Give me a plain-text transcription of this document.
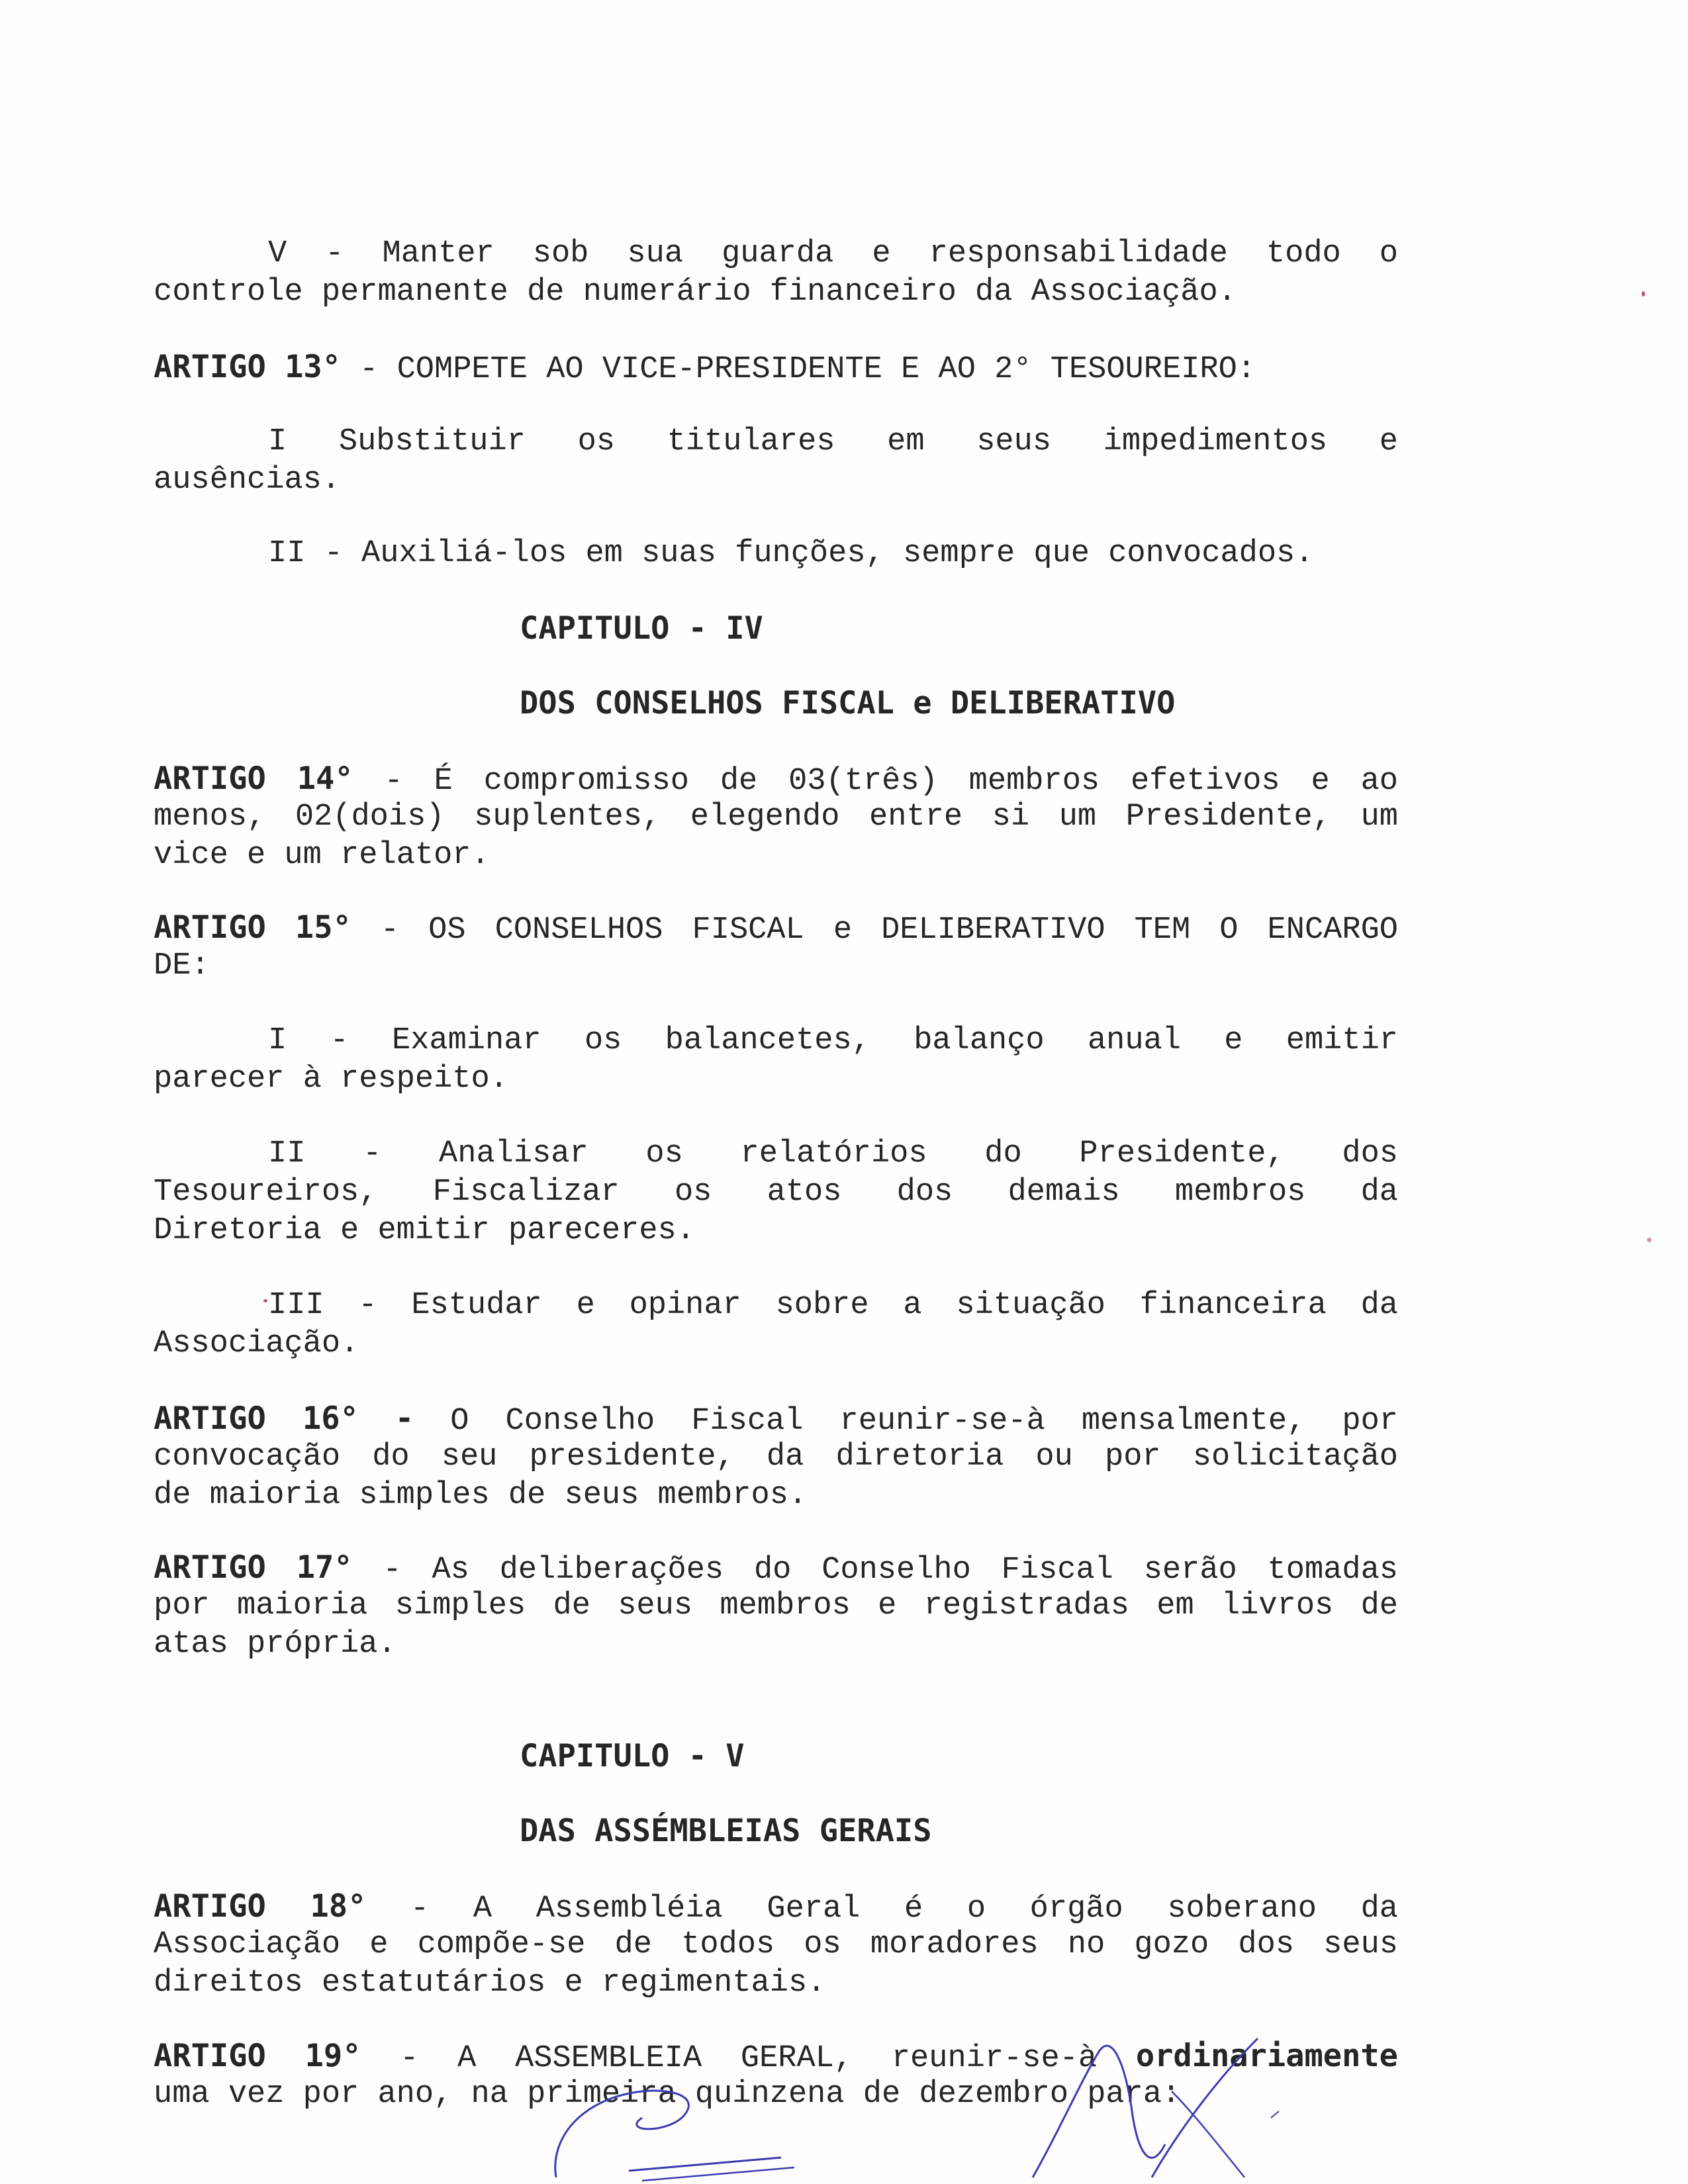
V - Manter sob sua guarda e responsabilidade todo o
controle permanente de numerário financeiro da Associação.
ARTIGO 13° - COMPETE AO VICE-PRESIDENTE E AO 2° TESOUREIRO:
I Substituir os titulares em seus impedimentos e
ausências.
II - Auxiliá-los em suas funções, sempre que convocados.
CAPITULO - IV
DOS CONSELHOS FISCAL e DELIBERATIVO
ARTIGO 14° - É compromisso de 03(três) membros efetivos e ao
menos, 02(dois) suplentes, elegendo entre si um Presidente, um
vice e um relator.
ARTIGO 15° - OS CONSELHOS FISCAL e DELIBERATIVO TEM O ENCARGO
DE:
I - Examinar os balancetes, balanço anual e emitir
parecer à respeito.
II - Analisar os relatórios do Presidente, dos
Tesoureiros, Fiscalizar os atos dos demais membros da
Diretoria e emitir pareceres.
III - Estudar e opinar sobre a situação financeira da
Associação.
ARTIGO 16° - O Conselho Fiscal reunir-se-à mensalmente, por
convocação do seu presidente, da diretoria ou por solicitação
de maioria simples de seus membros.
ARTIGO 17° - As deliberações do Conselho Fiscal serão tomadas
por maioria simples de seus membros e registradas em livros de
atas própria.
CAPITULO - V
DAS ASSÉMBLEIAS GERAIS
ARTIGO 18° - A Assembléia Geral é o órgão soberano da
Associação e compõe-se de todos os moradores no gozo dos seus
direitos estatutários e regimentais.
ARTIGO 19° - A ASSEMBLEIA GERAL, reunir-se-à ordinariamente
uma vez por ano, na primeira quinzena de dezembro para:
